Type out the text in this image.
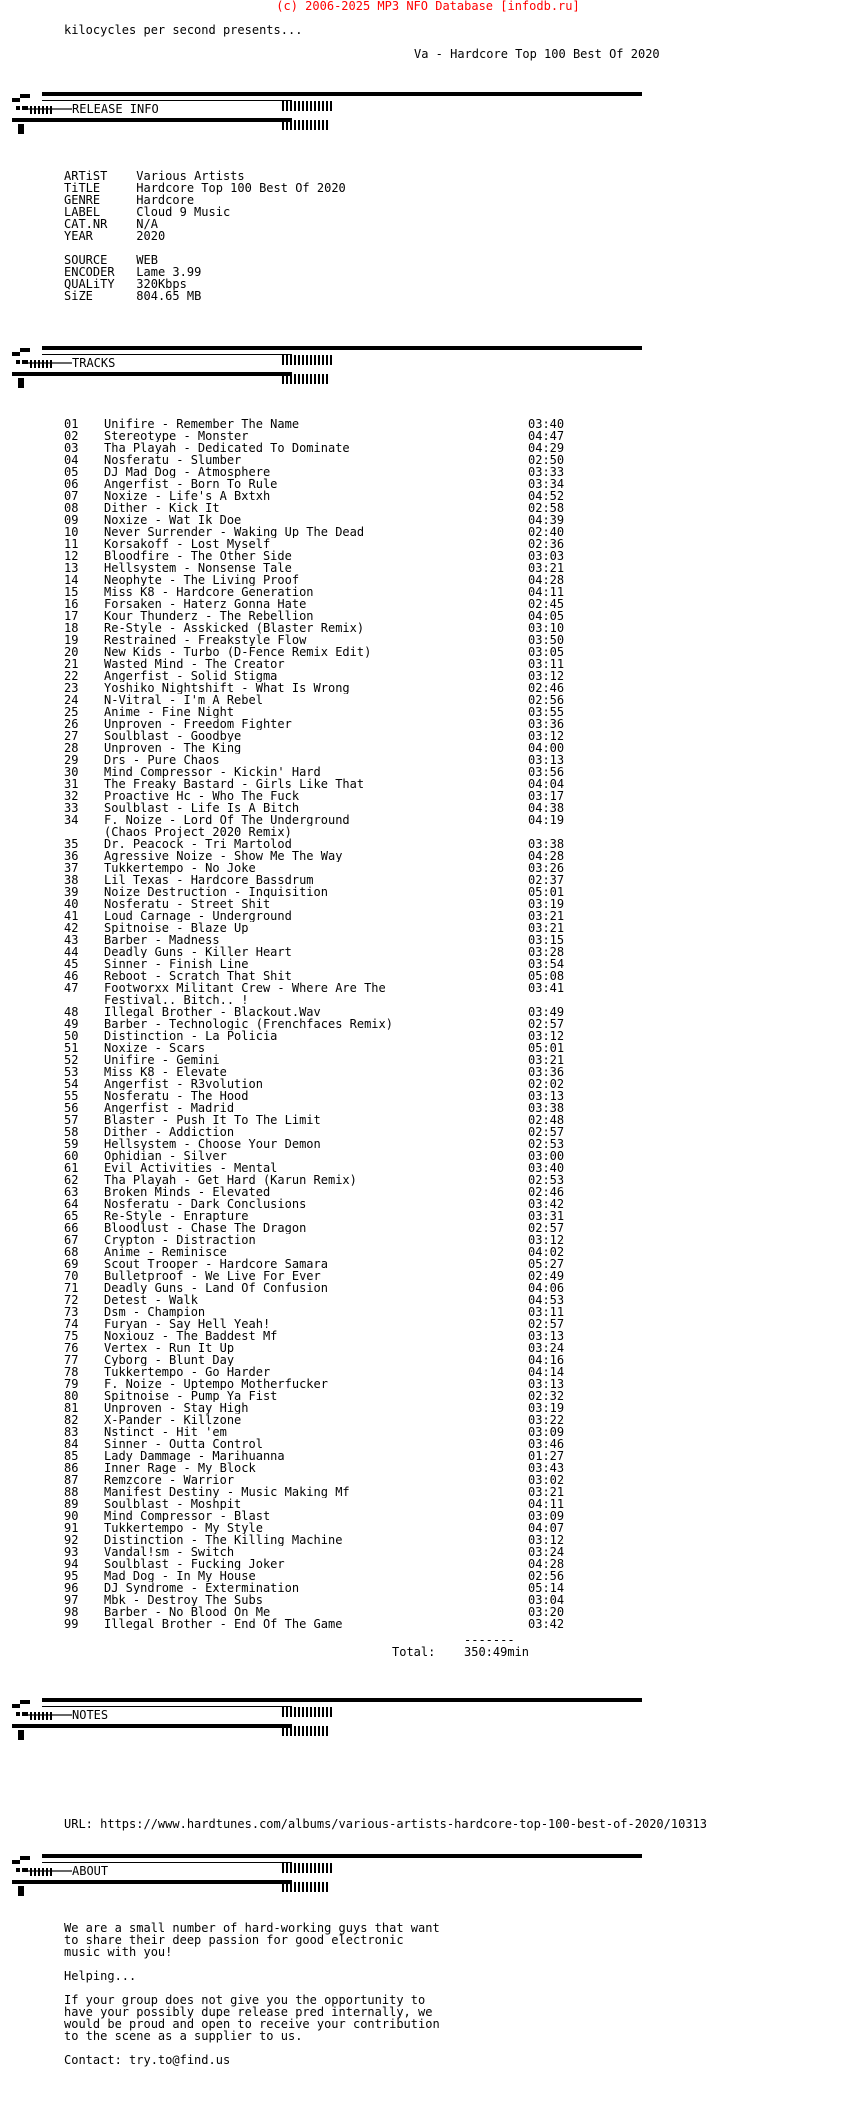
(c) 2006-2025 MP3 NFO Database [infodb.ru]
kilocycles per second presents...
Va - Hardcore Top 100 Best Of 2020
RELEASE INFO
ARTiST Various Artists
TiTLE	Hardcore Top 100 Best Of 2020
GENRE	Hardcore
LABEL	Cloud 9 Music
CAT.NR N/A
YEAR	2020

SOURCE WEB
ENCODER Lame 3.99
QUALiTY 320Kbps
SiZE	804.65 MB
TRACKS
01	Unifire - Remember The Name	03:40
02	Stereotype - Monster	04:47
03	Tha Playah - Dedicated To Dominate	04:29
04	Nosferatu - Slumber	02:50
05	DJ Mad Dog - Atmosphere	03:33
06	Angerfist - Born To Rule	03:34
07	Noxize - Life's A Bxtxh	04:52
08	Dither - Kick It	02:58
09	Noxize - Wat Ik Doe	04:39
10	Never Surrender - Waking Up The Dead	02:40
11	Korsakoff - Lost Myself	02:36
12	Bloodfire - The Other Side	03:03
13	Hellsystem - Nonsense Tale	03:21
14	Neophyte - The Living Proof	04:28
15	Miss K8 - Hardcore Generation	04:11
16	Forsaken - Haterz Gonna Hate	02:45
17	Kour Thunderz - The Rebellion	04:05
18	Re-Style - Asskicked (Blaster Remix)	03:10
19	Restrained - Freakstyle Flow	03:50
20	New Kids - Turbo (D-Fence Remix Edit)	03:05
21	Wasted Mind - The Creator	03:11
22	Angerfist - Solid Stigma	03:12
23	Yoshiko Nightshift - What Is Wrong	02:46
24	N-Vitral - I'm A Rebel	02:56
25	Anime - Fine Night	03:55
26	Unproven - Freedom Fighter	03:36
27	Soulblast - Goodbye	03:12
28	Unproven - The King	04:00
29	Drs - Pure Chaos	03:13
30	Mind Compressor - Kickin' Hard	03:56
31	The Freaky Bastard - Girls Like That	04:04
32	Proactive Hc - Who The Fuck	03:17
33	Soulblast - Life Is A Bitch	04:38
34	F. Noize - Lord Of The Underground	04:19
(Chaos Project 2020 Remix)
35	Dr. Peacock - Tri Martolod	03:38
36	Agressive Noize - Show Me The Way	04:28
37	Tukkertempo - No Joke	03:26
38	Lil Texas - Hardcore Bassdrum	02:37
39	Noize Destruction - Inquisition	05:01
40	Nosferatu - Street Shit	03:19
41	Loud Carnage - Underground	03:21
42	Spitnoise - Blaze Up	03:21
43	Barber - Madness	03:15
44	Deadly Guns - Killer Heart	03:28
45	Sinner - Finish Line	03:54
46	Reboot - Scratch That Shit	05:08
47	Footworxx Militant Crew - Where Are The	03:41
Festival.. Bitch.._!
48	Illegal Brother - Blackout.Wav	03:49
49	Barber - Technologic (Frenchfaces Remix)	02:57
50	Distinction - La Policia	03:12
51	Noxize - Scars	05:01
52	Unifire - Gemini	03:21
53	Miss K8 - Elevate	03:36
54	Angerfist - R3volution	02:02
55	Nosferatu - The Hood	03:13
56	Angerfist - Madrid	03:38
57	Blaster - Push It To The Limit	02:48
58	Dither - Addiction	02:57
59	Hellsystem - Choose Your Demon	02:53
60	Ophidian - Silver	03:00
61	Evil Activities - Mental	03:40
62	Tha Playah - Get Hard (Karun Remix)	02:53
63	Broken Minds - Elevated	02:46
64	Nosferatu - Dark Conclusions	03:42
65	Re-Style - Enrapture	03:31
66	Bloodlust - Chase The Dragon	02:57
67	Crypton - Distraction	03:12
68	Anime - Reminisce	04:02
69	Scout Trooper - Hardcore Samara	05:27
70	Bulletproof - We Live For Ever	02:49
71	Deadly Guns - Land Of Confusion	04:06
72	Detest - Walk	04:53
73	Dsm - Champion	03:11
74	Furyan - Say Hell Yeah!	02:57
75	Noxiouz - The Baddest Mf	03:13
76	Vertex - Run It Up	03:24
77	Cyborg - Blunt Day	04:16
78	Tukkertempo - Go Harder	04:14
79	F. Noize - Uptempo Motherfucker	03:13
80	Spitnoise - Pump Ya Fist	02:32
81	Unproven - Stay High	03:19
82	X-Pander - Killzone	03:22
83	Nstinct - Hit 'em	03:09
84	Sinner - Outta Control	03:46
85	Lady Dammage - Marihuanna	01:27
86	Inner Rage - My Block	03:43
87	Remzcore - Warrior	03:02
88	Manifest Destiny - Music Making Mf	03:21
89	Soulblast - Moshpit	04:11
90	Mind Compressor - Blast	03:09
91	Tukkertempo - My Style	04:07
92	Distinction - The Killing Machine	03:12
93	Vandal!sm - Switch	03:24
94	Soulblast - Fucking Joker	04:28
95	Mad Dog - In My House	02:56
96	DJ Syndrome - Extermination	05:14
97	Mbk - Destroy The Subs	03:04
98	Barber - No Blood On Me	03:20
99	Illegal Brother - End Of The Game	03:42
-------
Total: 350:49min
NOTES
URL: https://www.hardtunes.com/albums/various-artists-hardcore-top-100-best-of-2020/10313
ABOUT
We are a small number of hard-working guys that want
to share their deep passion for good electronic
music with you!
Helping...
If your group does not give you the opportunity to
have your possibly dupe release pred internally, we
would be proud and open to receive your contribution
to the scene as a supplier to us.
Contact: try.to@find.us
